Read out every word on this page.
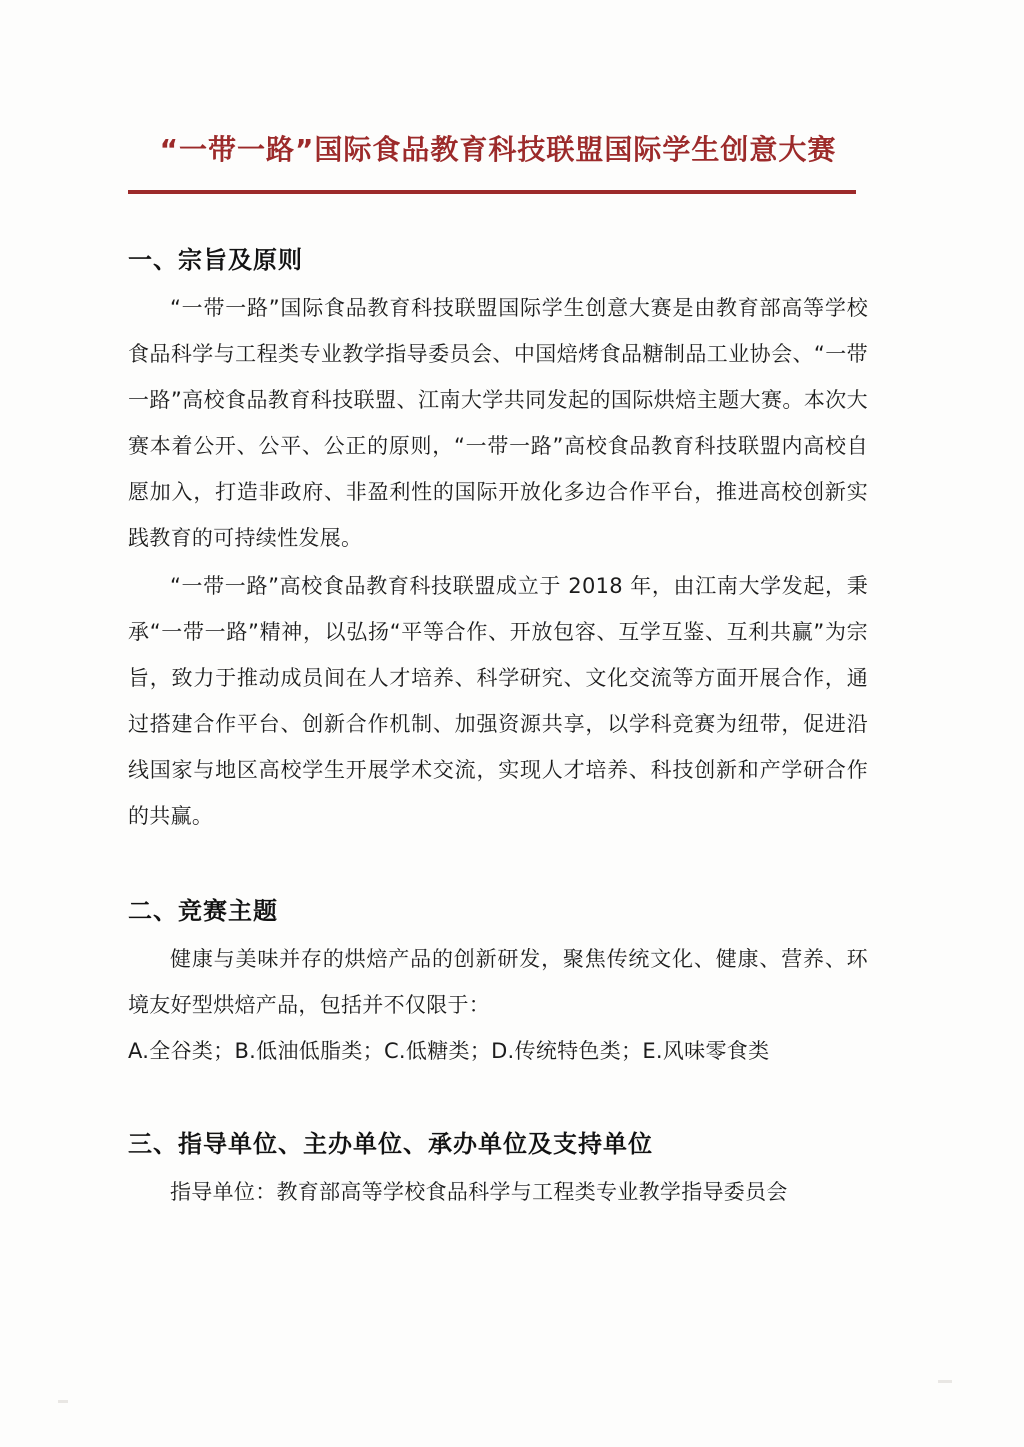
“一带一路”国际食品教育科技联盟国际学生创意大赛
一、宗旨及原则

“一带一路”国际食品教育科技联盟国际学生创意大赛是由教育部高等学校食品科学与工程类专业教学指导委员会、中国焙烤食品糖制品工业协会、“一带一路”高校食品教育科技联盟、江南大学共同发起的国际烘焙主题大赛。本次大赛本着公开、公平、公正的原则，“一带一路”高校食品教育科技联盟内高校自愿加入，打造非政府、非盈利性的国际开放化多边合作平台，推进高校创新实践教育的可持续性发展。

“一带一路”高校食品教育科技联盟成立于 2018 年，由江南大学发起，秉承“一带一路”精神，以弘扬“平等合作、开放包容、互学互鉴、互利共赢”为宗旨，致力于推动成员间在人才培养、科学研究、文化交流等方面开展合作，通过搭建合作平台、创新合作机制、加强资源共享，以学科竞赛为纽带，促进沿线国家与地区高校学生开展学术交流，实现人才培养、科技创新和产学研合作的共赢。

二、竞赛主题

健康与美味并存的烘焙产品的创新研发，聚焦传统文化、健康、营养、环境友好型烘焙产品，包括并不仅限于：

A.全谷类；B.低油低脂类；C.低糖类；D.传统特色类；E.风味零食类

三、指导单位、主办单位、承办单位及支持单位

指导单位：教育部高等学校食品科学与工程类专业教学指导委员会
